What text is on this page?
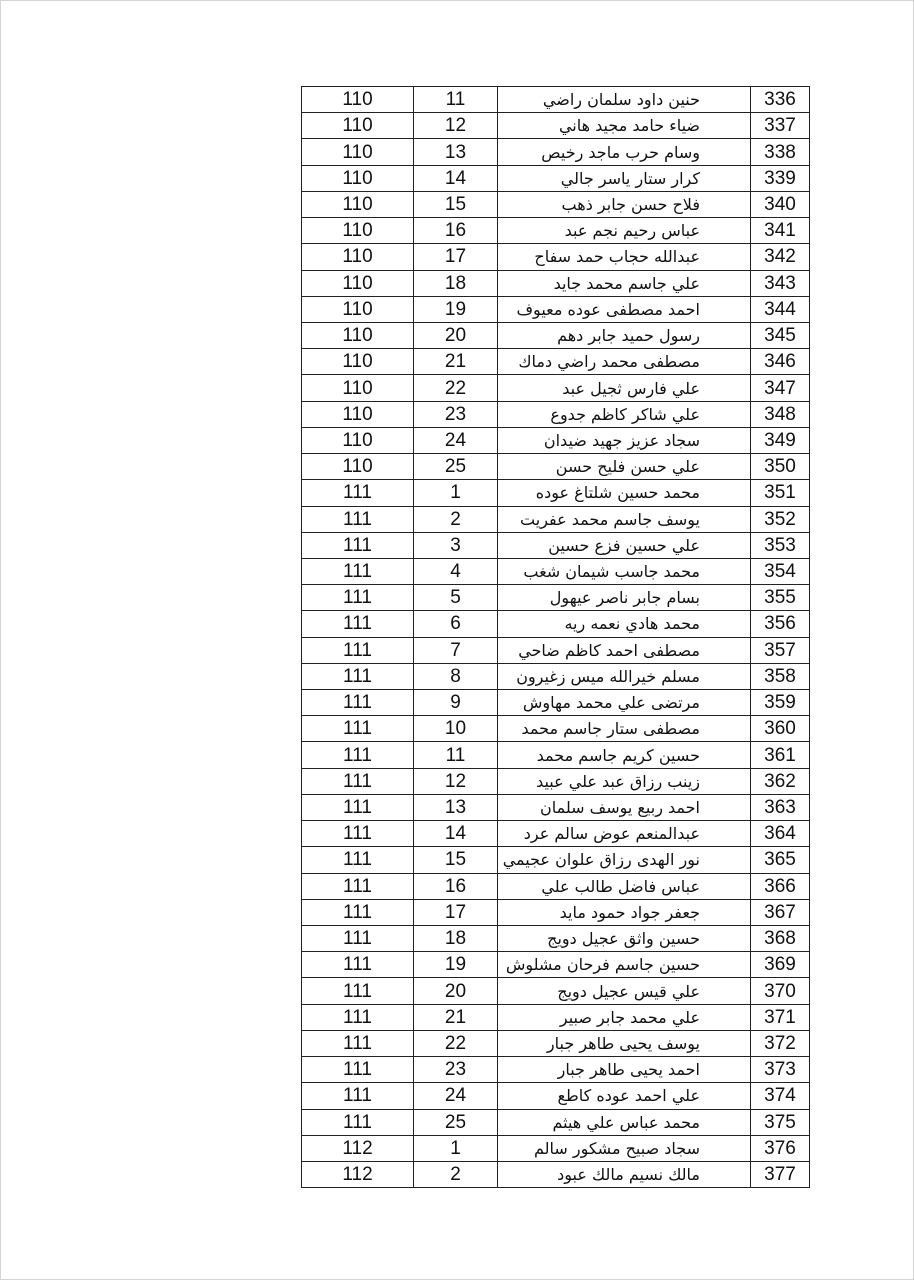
110	11	حنين داود سلمان راضي	336
110	12	ضياء حامد مجيد هاني	337
110	13	وسام حرب ماجد رخيص	338
110	14	كرار ستار ياسر جالي	339
110	15	فلاح حسن جابر ذهب	340
110	16	عباس رحيم نجم عبد	341
110	17	عبدالله حجاب حمد سفاح	342
110	18	علي جاسم محمد جايد	343
110	19	احمد مصطفى عوده معيوف	344
110	20	رسول حميد جابر دهم	345
110	21	مصطفى محمد راضي دماك	346
110	22	علي فارس ثجيل عبد	347
110	23	علي شاكر كاظم جدوع	348
110	24	سجاد عزيز جهيد ضيدان	349
110	25	علي حسن فليح حسن	350
111	1	محمد حسين شلتاغ عوده	351
111	2	يوسف جاسم محمد عفريت	352
111	3	علي حسين فزع حسين	353
111	4	محمد جاسب شيمان شغب	354
111	5	بسام جابر ناصر عيهول	355
111	6	محمد هادي نعمه ريه	356
111	7	مصطفى احمد كاظم ضاحي	357
111	8	مسلم خيرالله ميس زغيرون	358
111	9	مرتضى علي محمد مهاوش	359
111	10	مصطفى ستار جاسم محمد	360
111	11	حسين كريم جاسم محمد	361
111	12	زينب رزاق عبد علي عبيد	362
111	13	احمد ربيع يوسف سلمان	363
111	14	عبدالمنعم عوض سالم عرد	364
111	15	نور الهدى رزاق علوان عجيمي	365
111	16	عباس فاضل طالب علي	366
111	17	جعفر جواد حمود مايد	367
111	18	حسين واثق عجيل دويج	368
111	19	حسين جاسم فرحان مشلوش	369
111	20	علي قيس عجيل دويج	370
111	21	علي محمد جابر صبير	371
111	22	يوسف يحيى طاهر جبار	372
111	23	احمد يحيى طاهر جبار	373
111	24	علي احمد عوده كاطع	374
111	25	محمد عباس علي هيثم	375
112	1	سجاد صبيح مشكور سالم	376
112	2	مالك نسيم مالك عبود	377
